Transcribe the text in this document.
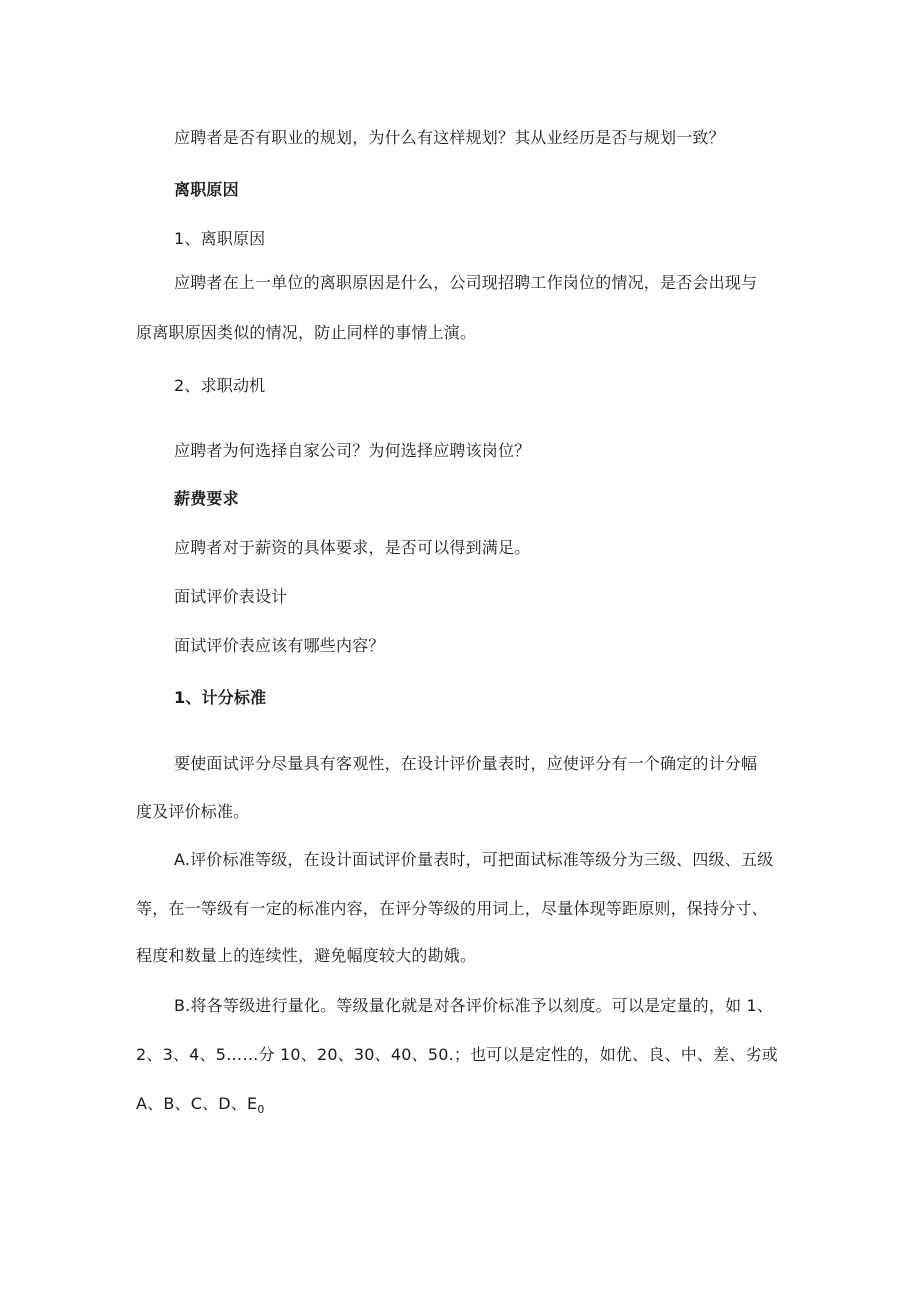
应聘者是否有职业的规划，为什么有这样规划？其从业经历是否与规划一致？
离职原因
1、离职原因
应聘者在上一单位的离职原因是什么，公司现招聘工作岗位的情况，是否会出现与
原离职原因类似的情况，防止同样的事情上演。
2、求职动机
应聘者为何选择自家公司？为何选择应聘该岗位？
薪费要求
应聘者对于薪资的具体要求，是否可以得到满足。
面试评价表设计
面试评价表应该有哪些内容？
1、计分标准
要使面试评分尽量具有客观性，在设计评价量表时，应使评分有一个确定的计分幅
度及评价标准。
A.评价标准等级，在设计面试评价量表时，可把面试标准等级分为三级、四级、五级
等，在一等级有一定的标准内容，在评分等级的用词上，尽量体现等距原则，保持分寸、
程度和数量上的连续性，避免幅度较大的勘娥。
B.将各等级进行量化。等级量化就是对各评价标准予以刻度。可以是定量的，如 1、
2、3、4、5……分 10、20、30、40、50.；也可以是定性的，如优、良、中、差、劣或
A、B、C、D、$E_0$
